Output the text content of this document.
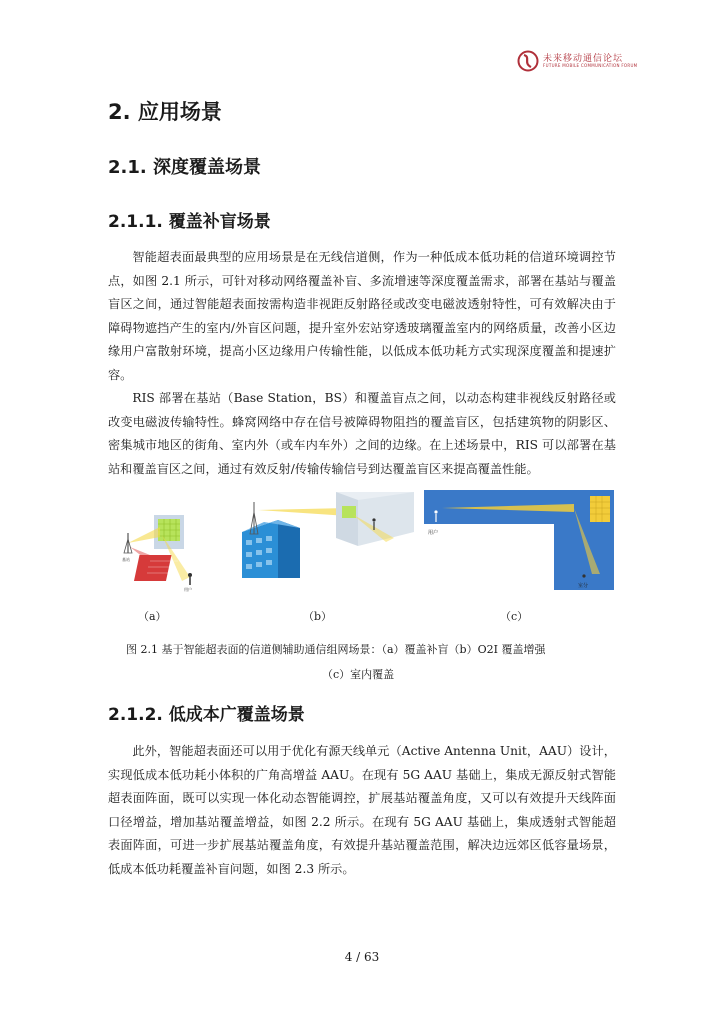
未来移动通信论坛
FUTURE MOBILE COMMUNICATION FORUM
2. 应用场景
2.1. 深度覆盖场景
2.1.1. 覆盖补盲场景

智能超表面最典型的应用场景是在无线信道侧，作为一种低成本低功耗的信道环境调控节点，如图 2.1 所示，可针对移动网络覆盖补盲、多流增速等深度覆盖需求，部署在基站与覆盖盲区之间，通过智能超表面按需构造非视距反射路径或改变电磁波透射特性，可有效解决由于障碍物遮挡产生的室内/外盲区问题，提升室外宏站穿透玻璃覆盖室内的网络质量，改善小区边缘用户富散射环境，提高小区边缘用户传输性能，以低成本低功耗方式实现深度覆盖和提速扩容。

RIS 部署在基站（Base Station，BS）和覆盖盲点之间，以动态构建非视线反射路径或改变电磁波传输特性。蜂窝网络中存在信号被障碍物阻挡的覆盖盲区，包括建筑物的阴影区、密集城市地区的街角、室内外（或车内车外）之间的边缘。在上述场景中，RIS 可以部署在基站和覆盖盲区之间，通过有效反射/传输传输信号到达覆盖盲区来提高覆盖性能。

基站
用户
用户
室分
（a）	（b）	（c）
图 2.1 基于智能超表面的信道侧辅助通信组网场景：（a）覆盖补盲（b）O2I 覆盖增强
（c）室内覆盖
2.1.2. 低成本广覆盖场景

此外，智能超表面还可以用于优化有源天线单元（Active Antenna Unit，AAU）设计，实现低成本低功耗小体积的广角高增益 AAU。在现有 5G AAU 基础上，集成无源反射式智能超表面阵面，既可以实现一体化动态智能调控，扩展基站覆盖角度，又可以有效提升天线阵面口径增益，增加基站覆盖增益，如图 2.2 所示。在现有 5G AAU 基础上，集成透射式智能超表面阵面，可进一步扩展基站覆盖角度，有效提升基站覆盖范围，解决边远郊区低容量场景，低成本低功耗覆盖补盲问题，如图 2.3 所示。

4 / 63
